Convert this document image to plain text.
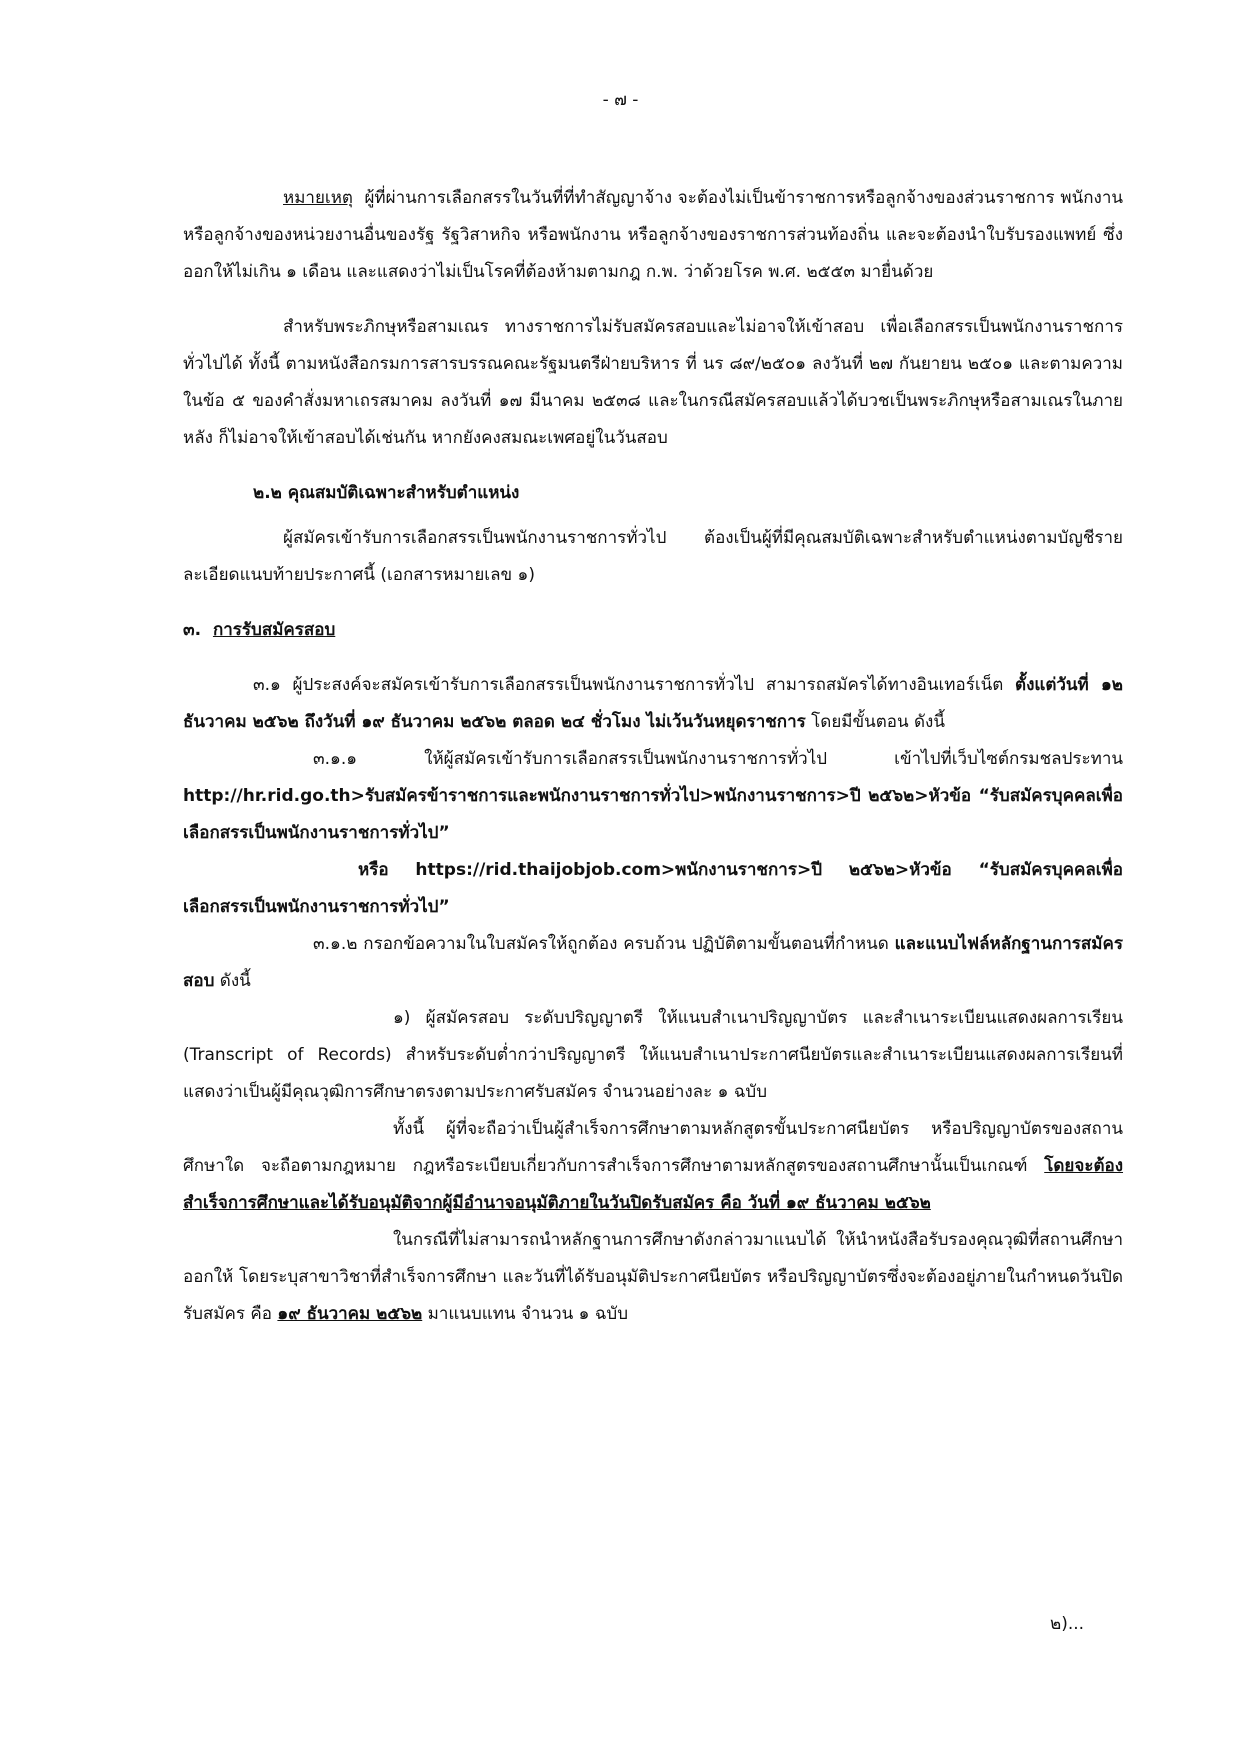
- ๗ -

หมายเหตุ ผู้ที่ผ่านการเลือกสรรในวันที่ที่ทำสัญญาจ้าง จะต้องไม่เป็นข้าราชการหรือลูกจ้างของส่วนราชการ พนักงานหรือลูกจ้างของหน่วยงานอื่นของรัฐ รัฐวิสาหกิจ หรือพนักงาน หรือลูกจ้างของราชการส่วนท้องถิ่น และจะต้องนำใบรับรองแพทย์ ซึ่งออกให้ไม่เกิน ๑ เดือน และแสดงว่าไม่เป็นโรคที่ต้องห้ามตามกฎ ก.พ. ว่าด้วยโรค พ.ศ. ๒๕๕๓ มายื่นด้วย

สำหรับพระภิกษุหรือสามเณร ทางราชการไม่รับสมัครสอบและไม่อาจให้เข้าสอบ เพื่อเลือกสรรเป็นพนักงานราชการทั่วไปได้ ทั้งนี้ ตามหนังสือกรมการสารบรรณคณะรัฐมนตรีฝ่ายบริหาร ที่ นร ๘๙/๒๕๐๑ ลงวันที่ ๒๗ กันยายน ๒๕๐๑ และตามความในข้อ ๕ ของคำสั่งมหาเถรสมาคม ลงวันที่ ๑๗ มีนาคม ๒๕๓๘ และในกรณีสมัครสอบแล้วได้บวชเป็นพระภิกษุหรือสามเณรในภายหลัง ก็ไม่อาจให้เข้าสอบได้เช่นกัน หากยังคงสมณะเพศอยู่ในวันสอบ

๒.๒ คุณสมบัติเฉพาะสำหรับตำแหน่ง

ผู้สมัครเข้ารับการเลือกสรรเป็นพนักงานราชการทั่วไป ต้องเป็นผู้ที่มีคุณสมบัติเฉพาะสำหรับตำแหน่งตามบัญชีรายละเอียดแนบท้ายประกาศนี้ (เอกสารหมายเลข ๑)

๓. การรับสมัครสอบ

๓.๑ ผู้ประสงค์จะสมัครเข้ารับการเลือกสรรเป็นพนักงานราชการทั่วไป สามารถสมัครได้ทางอินเทอร์เน็ต ตั้งแต่วันที่ ๑๒ ธันวาคม ๒๕๖๒ ถึงวันที่ ๑๙ ธันวาคม ๒๕๖๒ ตลอด ๒๔ ชั่วโมง ไม่เว้นวันหยุดราชการ โดยมีขั้นตอน ดังนี้

๓.๑.๑ ให้ผู้สมัครเข้ารับการเลือกสรรเป็นพนักงานราชการทั่วไป เข้าไปที่เว็บไซต์กรมชลประทาน http://hr.rid.go.th>รับสมัครข้าราชการและพนักงานราชการทั่วไป>พนักงานราชการ>ปี ๒๕๖๒>หัวข้อ “รับสมัครบุคคลเพื่อเลือกสรรเป็นพนักงานราชการทั่วไป”

หรือ https://rid.thaijobjob.com>พนักงานราชการ>ปี ๒๕๖๒>หัวข้อ “รับสมัครบุคคลเพื่อเลือกสรรเป็นพนักงานราชการทั่วไป”

๓.๑.๒ กรอกข้อความในใบสมัครให้ถูกต้อง ครบถ้วน ปฏิบัติตามขั้นตอนที่กำหนด และแนบไฟล์หลักฐานการสมัครสอบ ดังนี้

๑) ผู้สมัครสอบ ระดับปริญญาตรี ให้แนบสำเนาปริญญาบัตร และสำเนาระเบียนแสดงผลการเรียน (Transcript of Records) สำหรับระดับต่ำกว่าปริญญาตรี ให้แนบสำเนาประกาศนียบัตรและสำเนาระเบียนแสดงผลการเรียนที่แสดงว่าเป็นผู้มีคุณวุฒิการศึกษาตรงตามประกาศรับสมัคร จำนวนอย่างละ ๑ ฉบับ

ทั้งนี้ ผู้ที่จะถือว่าเป็นผู้สำเร็จการศึกษาตามหลักสูตรขั้นประกาศนียบัตร หรือปริญญาบัตรของสถานศึกษาใด จะถือตามกฎหมาย กฎหรือระเบียบเกี่ยวกับการสำเร็จการศึกษาตามหลักสูตรของสถานศึกษานั้นเป็นเกณฑ์ โดยจะต้องสำเร็จการศึกษาและได้รับอนุมัติจากผู้มีอำนาจอนุมัติภายในวันปิดรับสมัคร คือ วันที่ ๑๙ ธันวาคม ๒๕๖๒

ในกรณีที่ไม่สามารถนำหลักฐานการศึกษาดังกล่าวมาแนบได้ ให้นำหนังสือรับรองคุณวุฒิที่สถานศึกษาออกให้ โดยระบุสาขาวิชาที่สำเร็จการศึกษา และวันที่ได้รับอนุมัติประกาศนียบัตร หรือปริญญาบัตรซึ่งจะต้องอยู่ภายในกำหนดวันปิดรับสมัคร คือ ๑๙ ธันวาคม ๒๕๖๒ มาแนบแทน จำนวน ๑ ฉบับ

๒)...
